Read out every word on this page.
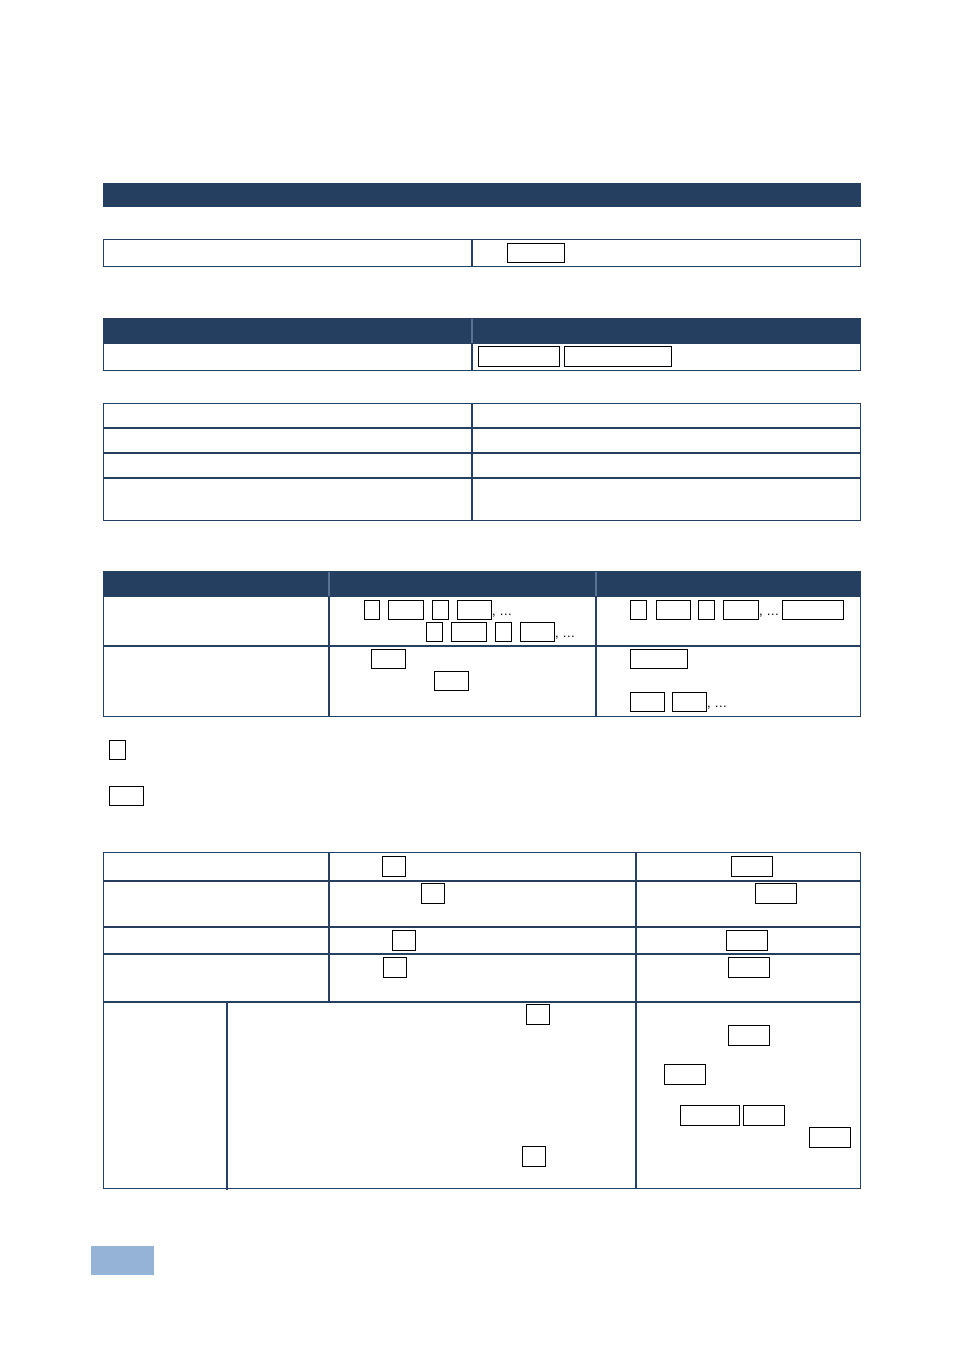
, …
, …
, …
, …
